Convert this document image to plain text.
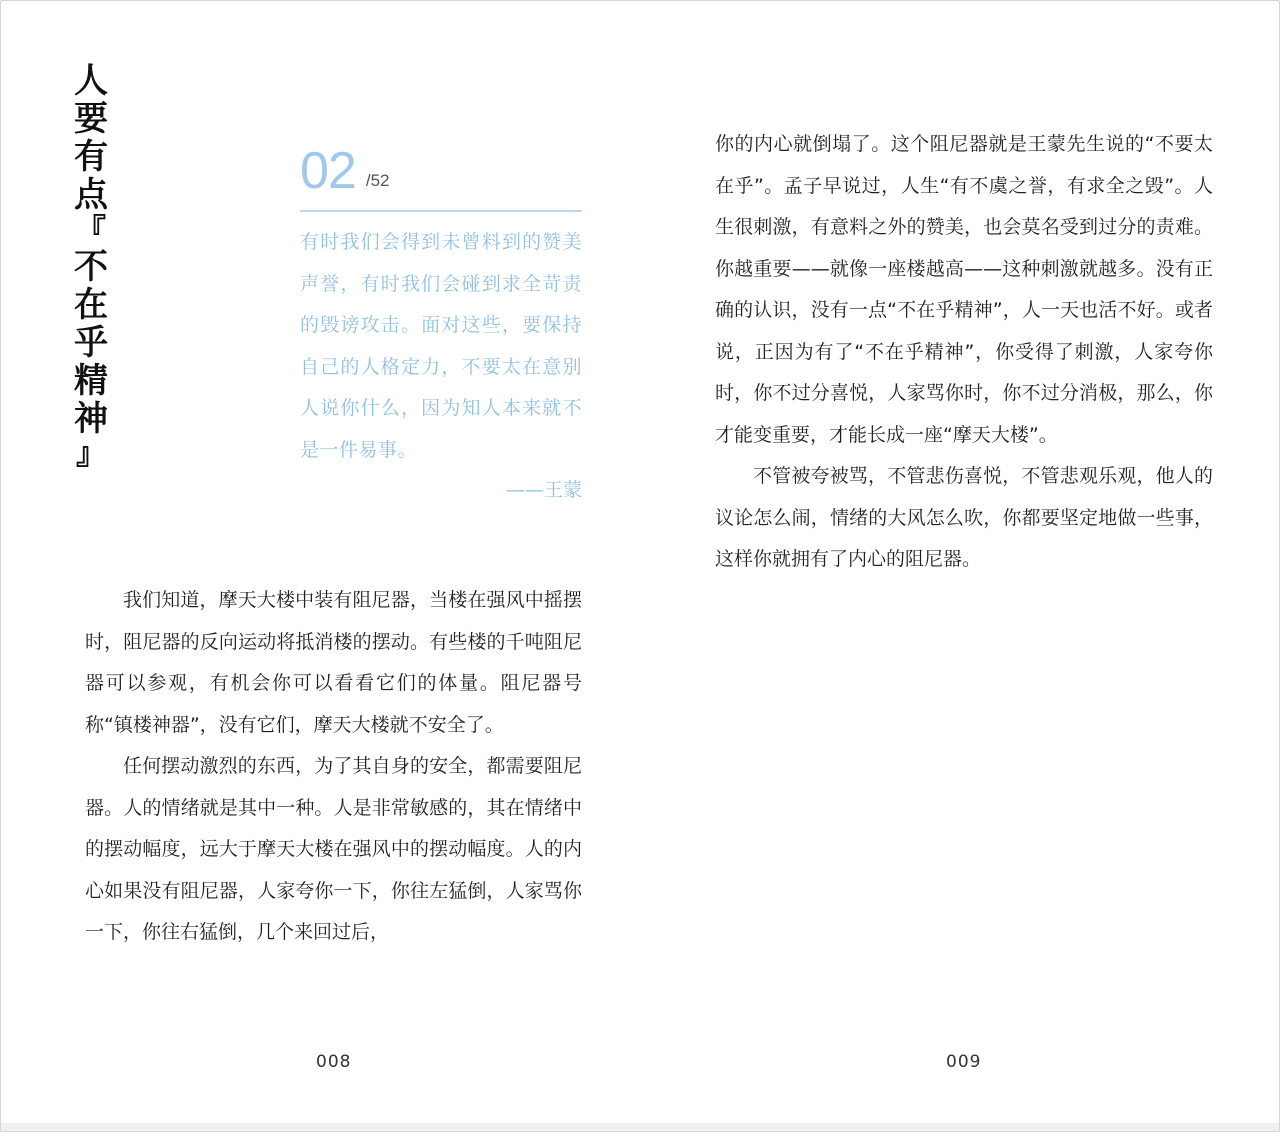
人
要
有
点
『
不
在
乎
精
神
』
02 /52
有时我们会得到未曾料到的赞美声誉，有时我们会碰到求全苛责的毁谤攻击。面对这些，要保持自己的人格定力，不要太在意别人说你什么，因为知人本来就不是一件易事。
——王蒙

我们知道，摩天大楼中装有阻尼器，当楼在强风中摇摆时，阻尼器的反向运动将抵消楼的摆动。有些楼的千吨阻尼器可以参观，有机会你可以看看它们的体量。阻尼器号称“镇楼神器”，没有它们，摩天大楼就不安全了。

任何摆动激烈的东西，为了其自身的安全，都需要阻尼器。人的情绪就是其中一种。人是非常敏感的，其在情绪中的摆动幅度，远大于摩天大楼在强风中的摆动幅度。人的内心如果没有阻尼器，人家夸你一下，你往左猛倒，人家骂你一下，你往右猛倒，几个来回过后，

008

你的内心就倒塌了。这个阻尼器就是王蒙先生说的“不要太在乎”。孟子早说过，人生“有不虞之誉，有求全之毁”。人生很刺激，有意料之外的赞美，也会莫名受到过分的责难。你越重要——就像一座楼越高——这种刺激就越多。没有正确的认识，没有一点“不在乎精神”，人一天也活不好。或者说，正因为有了“不在乎精神”，你受得了刺激，人家夸你时，你不过分喜悦，人家骂你时，你不过分消极，那么，你才能变重要，才能长成一座“摩天大楼”。

不管被夸被骂，不管悲伤喜悦，不管悲观乐观，他人的议论怎么闹，情绪的大风怎么吹，你都要坚定地做一些事，这样你就拥有了内心的阻尼器。

009
